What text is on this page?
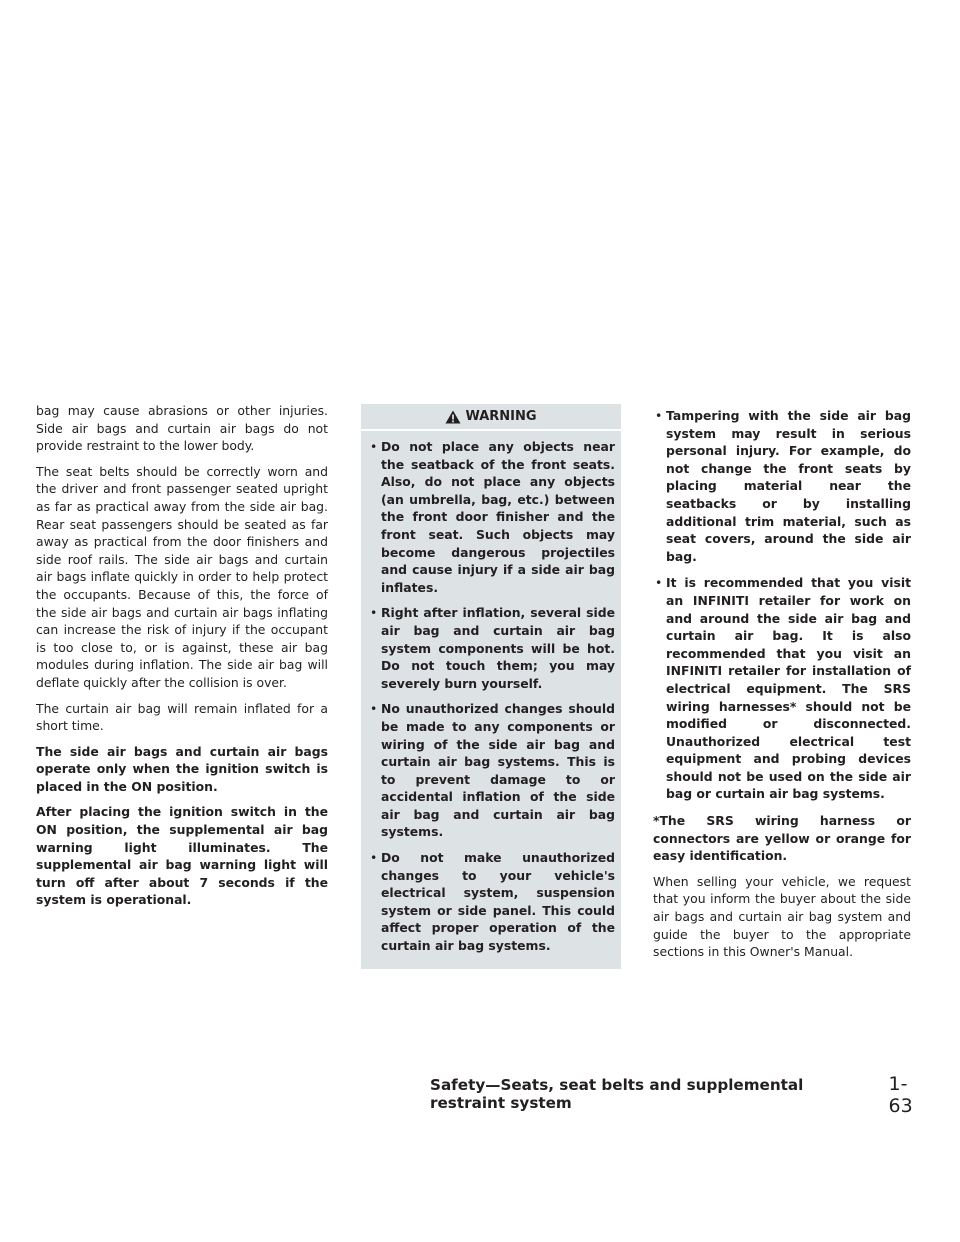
bag may cause abrasions or other injuries. Side air bags and curtain air bags do not provide restraint to the lower body.

The seat belts should be correctly worn and the driver and front passenger seated upright as far as practical away from the side air bag. Rear seat passengers should be seated as far away as practical from the door finishers and side roof rails. The side air bags and curtain air bags inflate quickly in order to help protect the occupants. Because of this, the force of the side air bags and curtain air bags inflating can increase the risk of injury if the occupant is too close to, or is against, these air bag modules during inflation. The side air bag will deflate quickly after the collision is over.

The curtain air bag will remain inflated for a short time.

The side air bags and curtain air bags operate only when the ignition switch is placed in the ON position.

After placing the ignition switch in the ON position, the supplemental air bag warning light illuminates. The supplemental air bag warning light will turn off after about 7 seconds if the system is operational.

WARNING
• Do not place any objects near the seatback of the front seats. Also, do not place any objects (an umbrella, bag, etc.) between the front door finisher and the front seat. Such objects may become dangerous projectiles and cause injury if a side air bag inflates.
• Right after inflation, several side air bag and curtain air bag system components will be hot. Do not touch them; you may severely burn yourself.
• No unauthorized changes should be made to any components or wiring of the side air bag and curtain air bag systems. This is to prevent damage to or accidental inflation of the side air bag and curtain air bag systems.
• Do not make unauthorized changes to your vehicle's electrical system, suspension system or side panel. This could affect proper operation of the curtain air bag systems.
• Tampering with the side air bag system may result in serious personal injury. For example, do not change the front seats by placing material near the seatbacks or by installing additional trim material, such as seat covers, around the side air bag.
• It is recommended that you visit an INFINITI retailer for work on and around the side air bag and curtain air bag. It is also recommended that you visit an INFINITI retailer for installation of electrical equipment. The SRS wiring harnesses* should not be modified or disconnected. Unauthorized electrical test equipment and probing devices should not be used on the side air bag or curtain air bag systems.

*The SRS wiring harness or connectors are yellow or orange for easy identification.

When selling your vehicle, we request that you inform the buyer about the side air bags and curtain air bag system and guide the buyer to the appropriate sections in this Owner's Manual.

Safety—Seats, seat belts and supplemental restraint system
1-63
